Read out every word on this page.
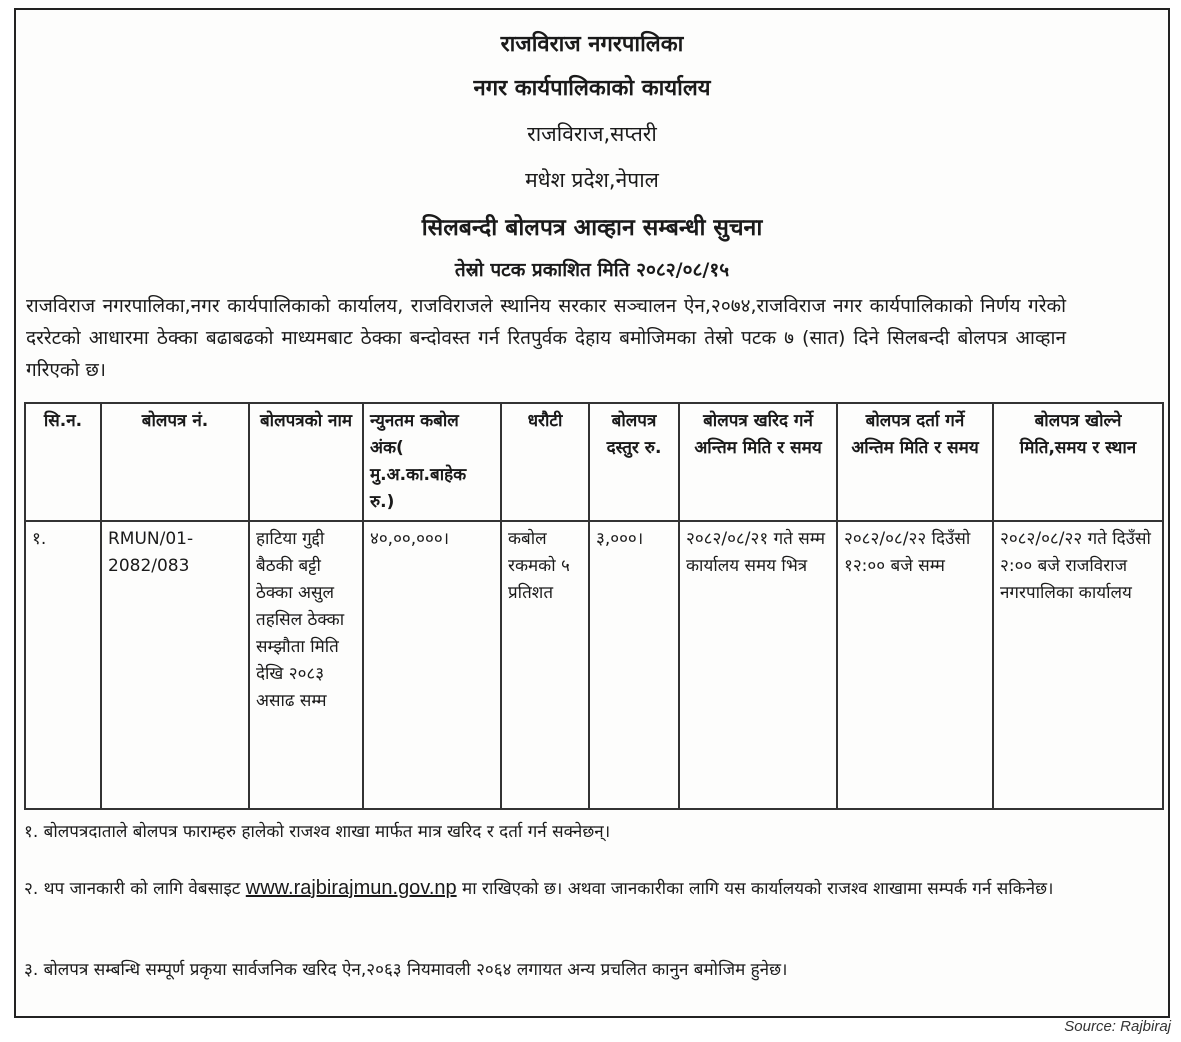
राजविराज नगरपालिका
नगर कार्यपालिकाको कार्यालय
राजविराज,सप्तरी
मधेश प्रदेश,नेपाल
सिलबन्दी बोलपत्र आव्हान सम्बन्धी सुचना
तेस्रो पटक प्रकाशित मिति २०८२/०८/१५
राजविराज नगरपालिका,नगर कार्यपालिकाको कार्यालय, राजविराजले स्थानिय सरकार सञ्चालन ऐन,२०७४,राजविराज नगर कार्यपालिकाको निर्णय गरेको दररेटको आधारमा ठेक्का बढाबढको माध्यमबाट ठेक्का बन्दोवस्त गर्न रितपुर्वक देहाय बमोजिमका तेस्रो पटक ७ (सात) दिने सिलबन्दी बोलपत्र आव्हान गरिएको छ।
सि.न.	बोलपत्र नं.	बोलपत्रको नाम	न्युनतम कबोल अंक( मु.अ.का.बाहेक रु.)	धरौटी	बोलपत्र दस्तुर रु.	बोलपत्र खरिद गर्ने अन्तिम मिति र समय	बोलपत्र दर्ता गर्ने अन्तिम मिति र समय	बोलपत्र खोल्ने मिति,समय र स्थान
१.	RMUN/01-2082/083	हाटिया गुद्दी बैठकी बट्टी ठेक्का असुल तहसिल ठेक्का सम्झौता मिति देखि २०८३ असाढ सम्म	४०,००,०००।	कबोल रकमको ५ प्रतिशत	३,०००।	२०८२/०८/२१ गते सम्म कार्यालय समय भित्र	२०८२/०८/२२ दिउँसो १२:०० बजे सम्म	२०८२/०८/२२ गते दिउँसो २:०० बजे राजविराज नगरपालिका कार्यालय
१. बोलपत्रदाताले बोलपत्र फाराम्हरु हालेको राजश्व शाखा मार्फत मात्र खरिद र दर्ता गर्न सक्नेछन्।
२. थप जानकारी को लागि वेबसाइट www.rajbirajmun.gov.np मा राखिएको छ। अथवा जानकारीका लागि यस कार्यालयको राजश्व शाखामा सम्पर्क गर्न सकिनेछ।
३. बोलपत्र सम्बन्धि सम्पूर्ण प्रकृया सार्वजनिक खरिद ऐन,२०६३ नियमावली २०६४ लगायत अन्य प्रचलित कानुन बमोजिम हुनेछ।
Source: Rajbiraj
